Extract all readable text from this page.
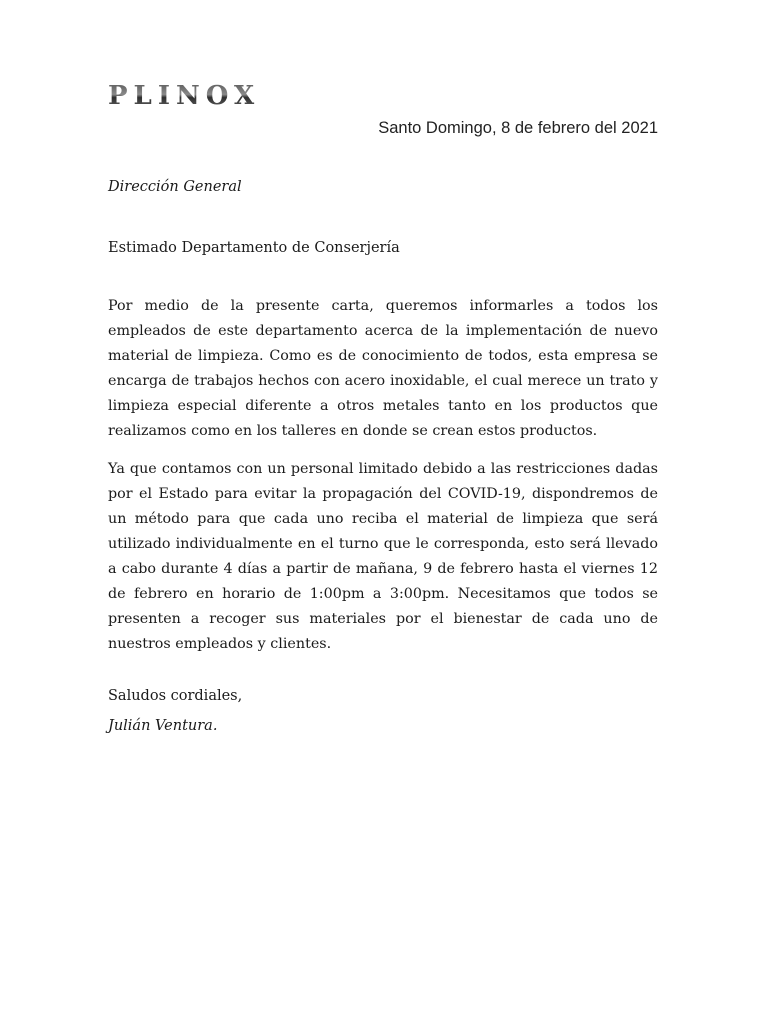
PLINOX
Santo Domingo, 8 de febrero del 2021
Dirección General
Estimado Departamento de Conserjería

Por medio de la presente carta, queremos informarles a todos los empleados de este departamento acerca de la implementación de nuevo material de limpieza. Como es de conocimiento de todos, esta empresa se encarga de trabajos hechos con acero inoxidable, el cual merece un trato y limpieza especial diferente a otros metales tanto en los productos que realizamos como en los talleres en donde se crean estos productos.

Ya que contamos con un personal limitado debido a las restricciones dadas por el Estado para evitar la propagación del COVID-19, dispondremos de un método para que cada uno reciba el material de limpieza que será utilizado individualmente en el turno que le corresponda, esto será llevado a cabo durante 4 días a partir de mañana, 9 de febrero hasta el viernes 12 de febrero en horario de 1:00pm a 3:00pm. Necesitamos que todos se presenten a recoger sus materiales por el bienestar de cada uno de nuestros empleados y clientes.

Saludos cordiales,
Julián Ventura.
